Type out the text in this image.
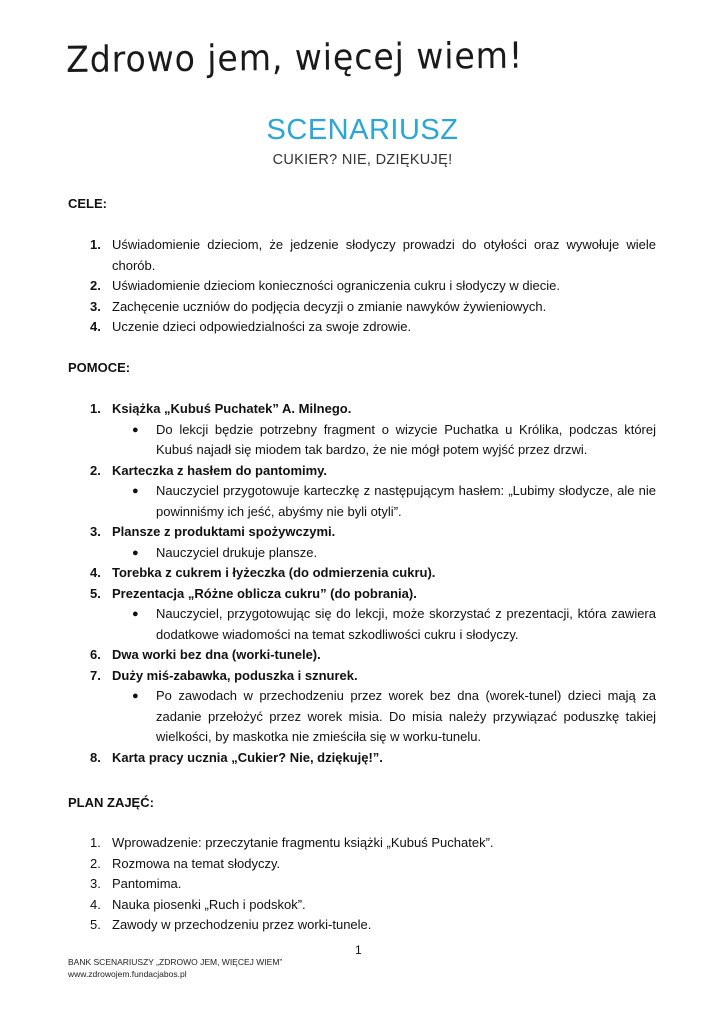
Zdrowo jem, więcej wiem!
SCENARIUSZ
CUKIER? NIE, DZIĘKUJĘ!
CELE:
1. Uświadomienie dzieciom, że jedzenie słodyczy prowadzi do otyłości oraz wywołuje wiele chorób.
2. Uświadomienie dzieciom konieczności ograniczenia cukru i słodyczy w diecie.
3. Zachęcenie uczniów do podjęcia decyzji o zmianie nawyków żywieniowych.
4. Uczenie dzieci odpowiedzialności za swoje zdrowie.
POMOCE:
1. Książka „Kubuś Puchatek” A. Milnego.
● Do lekcji będzie potrzebny fragment o wizycie Puchatka u Królika, podczas której Kubuś najadł się miodem tak bardzo, że nie mógł potem wyjść przez drzwi.
2. Karteczka z hasłem do pantomimy.
● Nauczyciel przygotowuje karteczkę z następującym hasłem: „Lubimy słodycze, ale nie powinniśmy ich jeść, abyśmy nie byli otyli”.
3. Plansze z produktami spożywczymi.
● Nauczyciel drukuje plansze.
4. Torebka z cukrem i łyżeczka (do odmierzenia cukru).
5. Prezentacja „Różne oblicza cukru” (do pobrania).
● Nauczyciel, przygotowując się do lekcji, może skorzystać z prezentacji, która zawiera dodatkowe wiadomości na temat szkodliwości cukru i słodyczy.
6. Dwa worki bez dna (worki-tunele).
7. Duży miś-zabawka, poduszka i sznurek.
● Po zawodach w przechodzeniu przez worek bez dna (worek-tunel) dzieci mają za zadanie przełożyć przez worek misia. Do misia należy przywiązać poduszkę takiej wielkości, by maskotka nie zmieściła się w worku-tunelu.
8. Karta pracy ucznia „Cukier? Nie, dziękuję!”.
PLAN ZAJĘĆ:
1. Wprowadzenie: przeczytanie fragmentu książki „Kubuś Puchatek”.
2. Rozmowa na temat słodyczy.
3. Pantomima.
4. Nauka piosenki „Ruch i podskok”.
5. Zawody w przechodzeniu przez worki-tunele.
1
BANK SCENARIUSZY „ZDROWO JEM, WIĘCEJ WIEM”
www.zdrowojem.fundacjabos.pl
